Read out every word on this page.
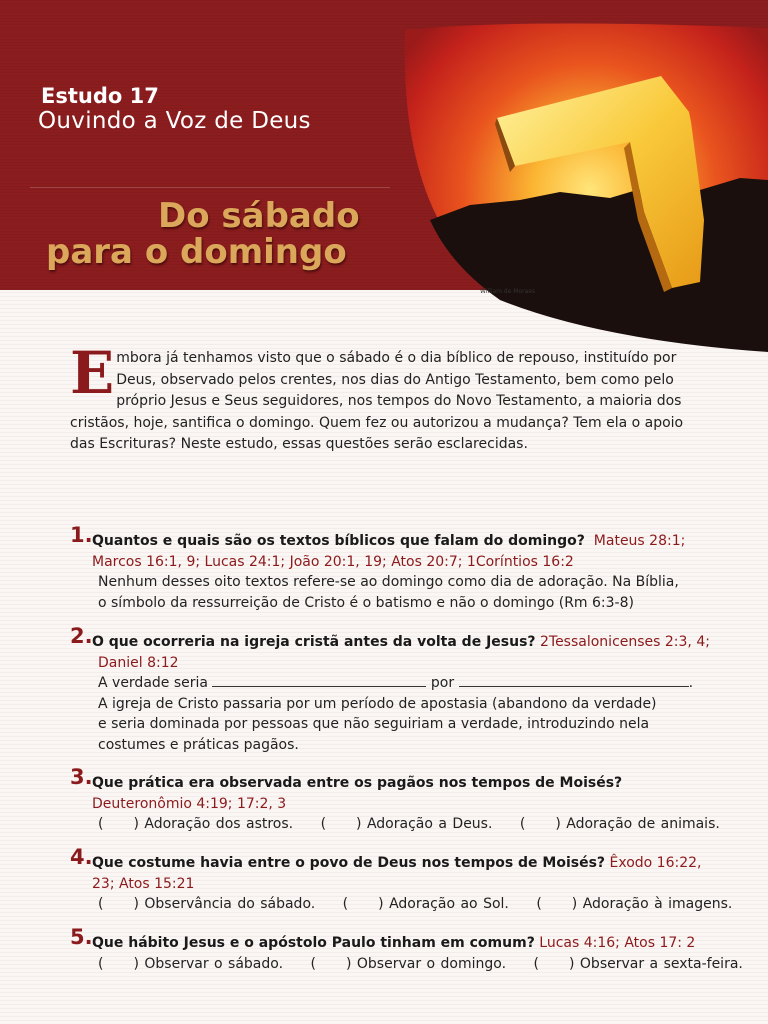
Estudo 17
Ouvindo a Voz de Deus
Do sábado
para o domingo
William de Moraes

Embora já tenhamos visto que o sábado é o dia bíblico de repouso, instituído por Deus, observado pelos crentes, nos dias do Antigo Testamento, bem como pelo próprio Jesus e Seus seguidores, nos tempos do Novo Testamento, a maioria dos cristãos, hoje, santifica o domingo. Quem fez ou autorizou a mudança? Tem ela o apoio das Escrituras? Neste estudo, essas questões serão esclarecidas.

1. Quantos e quais são os textos bíblicos que falam do domingo? Mateus 28:1;
Marcos 16:1, 9; Lucas 24:1; João 20:1, 19; Atos 20:7; 1Coríntios 16:2
Nenhum desses oito textos refere-se ao domingo como dia de adoração. Na Bíblia,
o símbolo da ressurreição de Cristo é o batismo e não o domingo (Rm 6:3-8)
2. O que ocorreria na igreja cristã antes da volta de Jesus? 2Tessalonicenses 2:3, 4;
Daniel 8:12
A verdade seria	por	.
A igreja de Cristo passaria por um período de apostasia (abandono da verdade)
e seria dominada por pessoas que não seguiriam a verdade, introduzindo nela
costumes e práticas pagãos.
3. Que prática era observada entre os pagãos nos tempos de Moisés?
Deuteronômio 4:19; 17:2, 3
( ) Adoração dos astros. ( ) Adoração a Deus. ( ) Adoração de animais.
4. Que costume havia entre o povo de Deus nos tempos de Moisés? Êxodo 16:22,
23; Atos 15:21
( ) Observância do sábado. ( ) Adoração ao Sol. ( ) Adoração à imagens.
5. Que hábito Jesus e o apóstolo Paulo tinham em comum? Lucas 4:16; Atos 17: 2
( ) Observar o sábado. ( ) Observar o domingo. ( ) Observar a sexta-feira.
